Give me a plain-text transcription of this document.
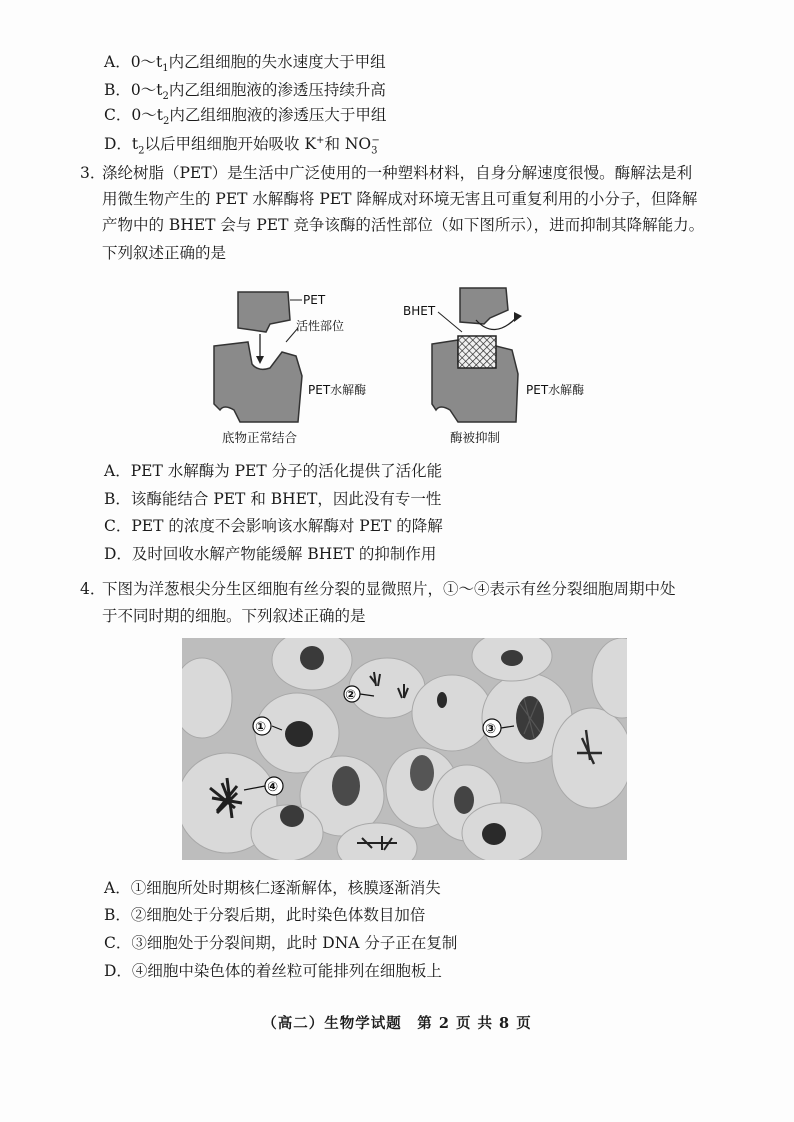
A．$0\sim t_1$内乙组细胞的失水速度大于甲组
B．$0\sim t_2$内乙组细胞液的渗透压持续升高
C．$0\sim t_2$内乙组细胞液的渗透压大于甲组
D．$t_2$以后甲组细胞开始吸收 K+和 $NO_3^-$
3．
涤纶树脂（PET）是生活中广泛使用的一种塑料材料，自身分解速度很慢。酶解法是利
用微生物产生的 PET 水解酶将 PET 降解成对环境无害且可重复利用的小分子，但降解
产物中的 BHET 会与 PET 竞争该酶的活性部位（如下图所示），进而抑制其降解能力。
下列叙述正确的是
PET
活性部位
PET水解酶
底物正常结合
BHET
PET水解酶
酶被抑制
A．PET 水解酶为 PET 分子的活化提供了活化能
B．该酶能结合 PET 和 BHET，因此没有专一性
C．PET 的浓度不会影响该水解酶对 PET 的降解
D．及时回收水解产物能缓解 BHET 的抑制作用
4．
下图为洋葱根尖分生区细胞有丝分裂的显微照片，①～④表示有丝分裂细胞周期中处
于不同时期的细胞。下列叙述正确的是
①
②
③
④
A．①细胞所处时期核仁逐渐解体，核膜逐渐消失
B．②细胞处于分裂后期，此时染色体数目加倍
C．③细胞处于分裂间期，此时 DNA 分子正在复制
D．④细胞中染色体的着丝粒可能排列在细胞板上
（高二）生物学试题　第 2 页 共 8 页
